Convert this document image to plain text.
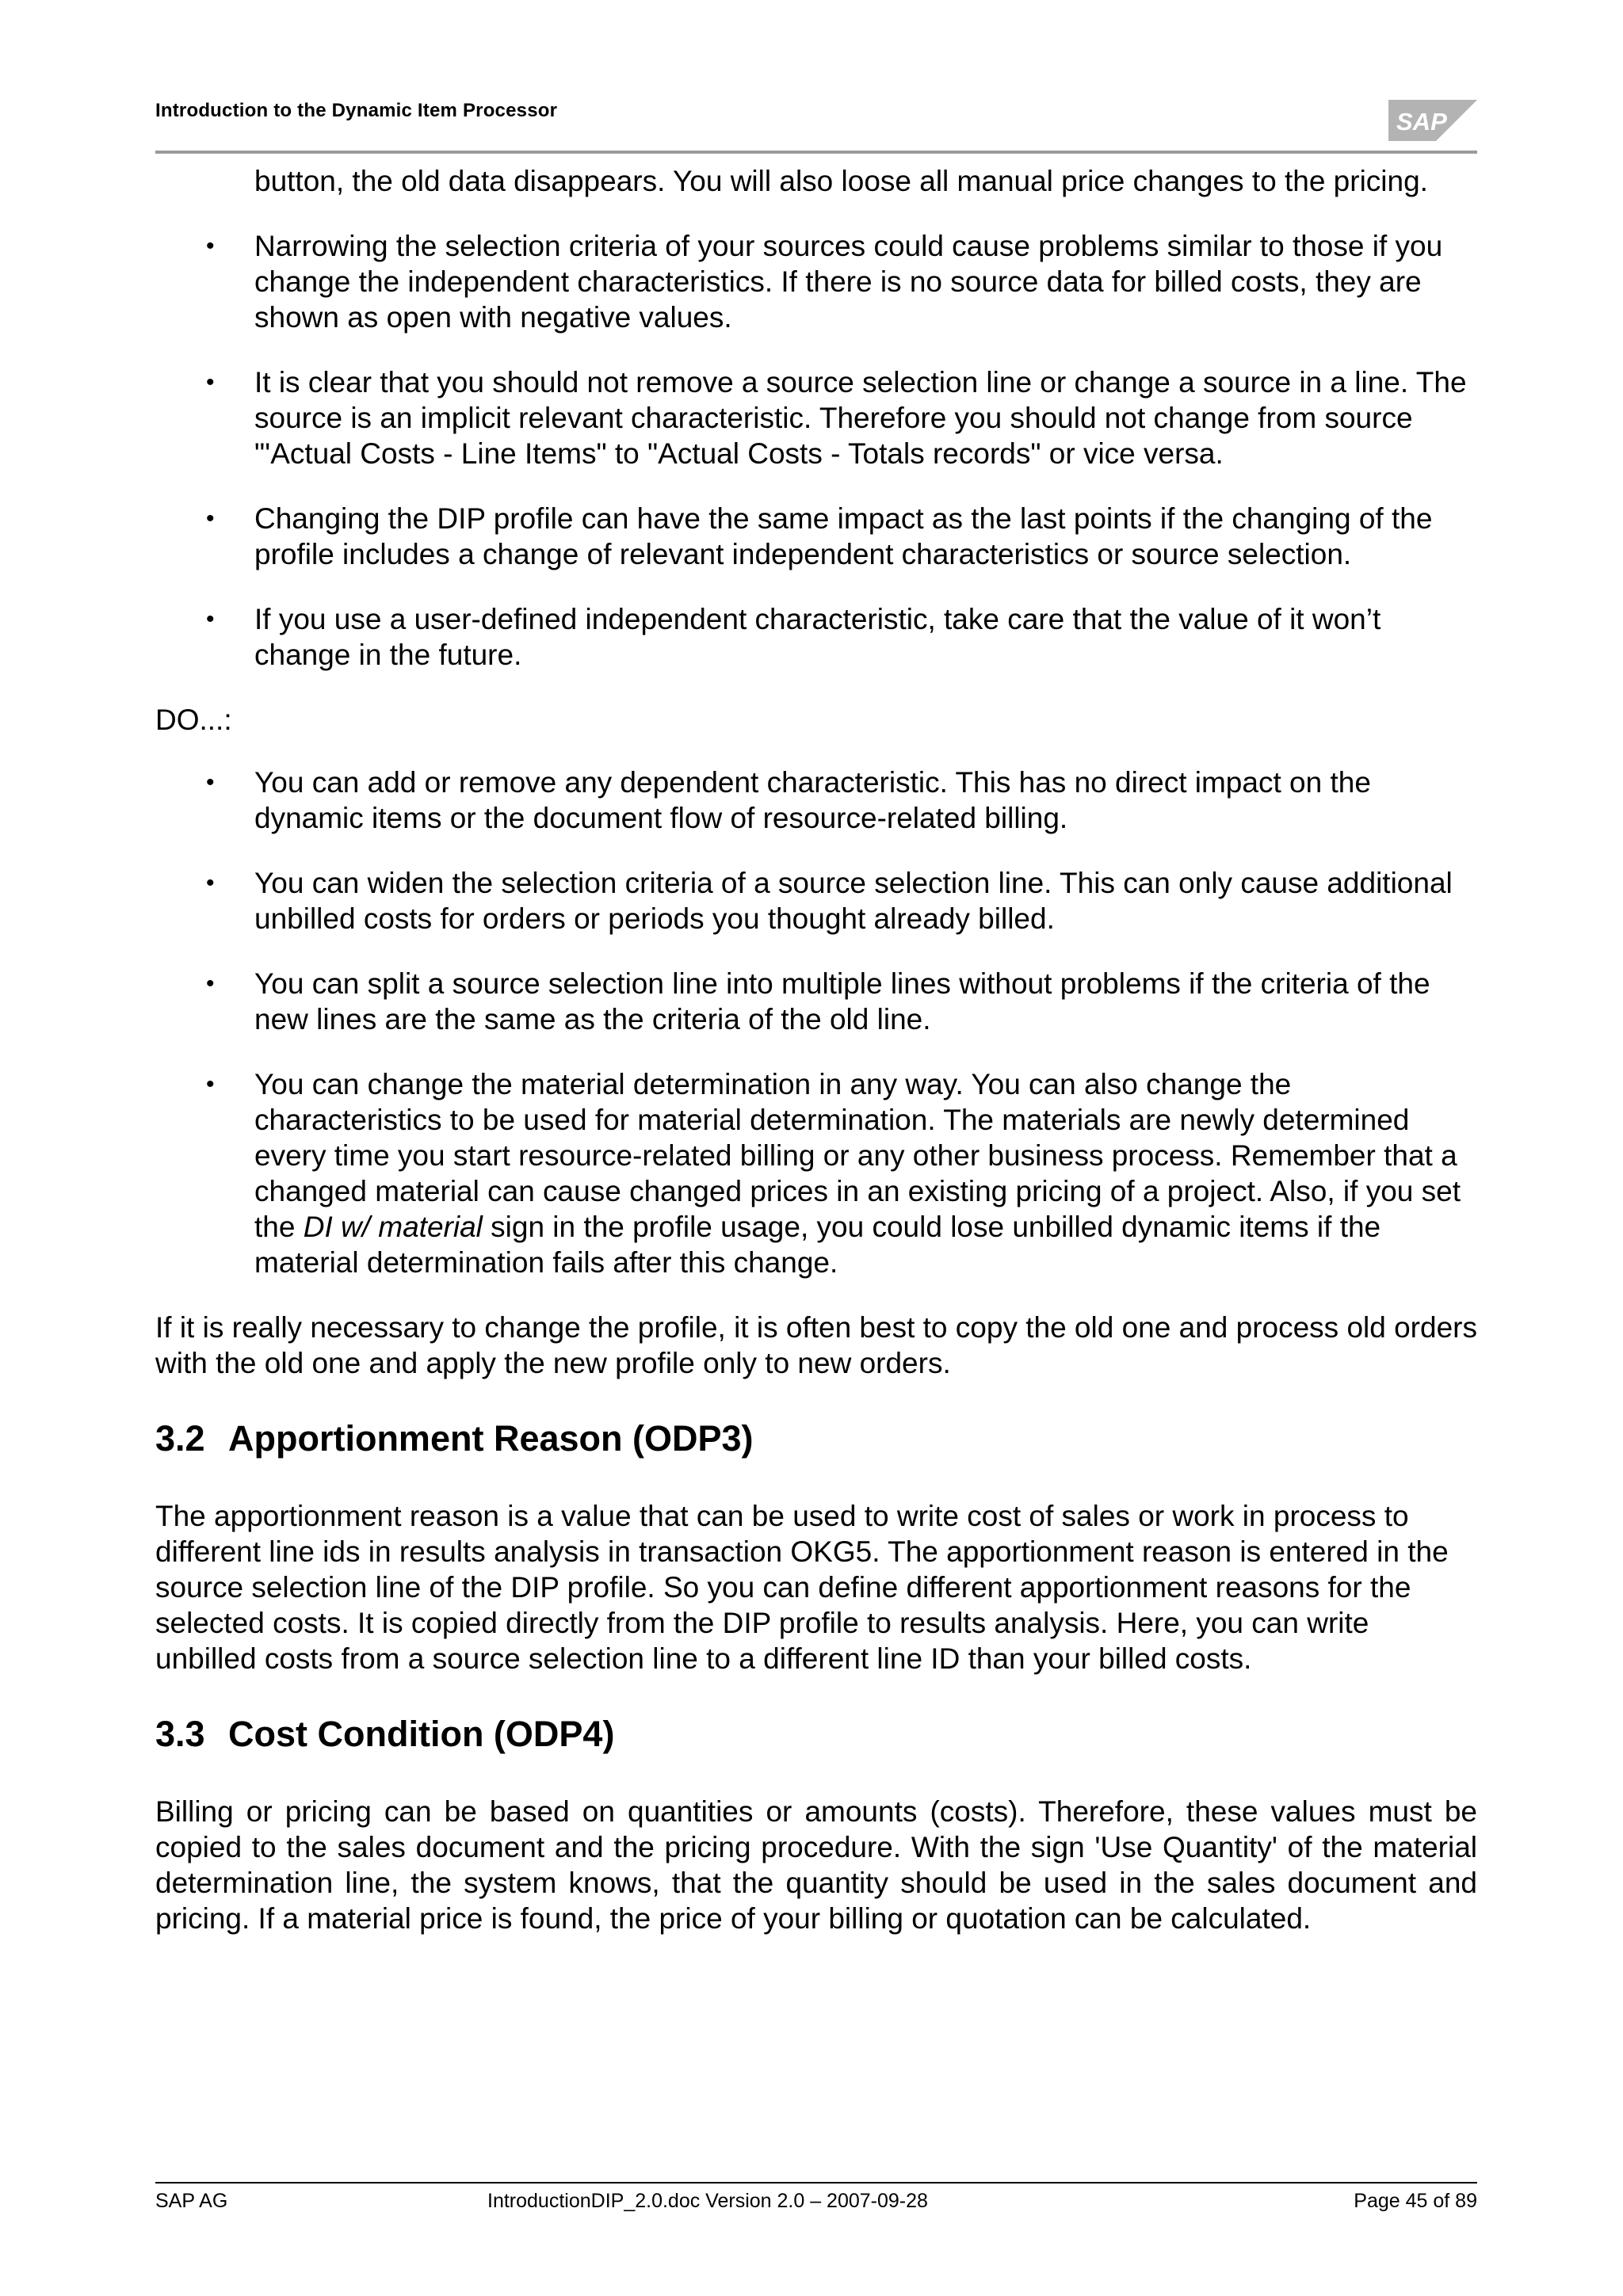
Introduction to the Dynamic Item Processor	SAP

button, the old data disappears. You will also loose all manual price changes to the pricing.

• Narrowing the selection criteria of your sources could cause problems similar to those if you change the independent characteristics. If there is no source data for billed costs, they are shown as open with negative values.
• It is clear that you should not remove a source selection line or change a source in a line. The source is an implicit relevant characteristic. Therefore you should not change from source "'Actual Costs - Line Items" to "Actual Costs - Totals records" or vice versa.
• Changing the DIP profile can have the same impact as the last points if the changing of the profile includes a change of relevant independent characteristics or source selection.
• If you use a user-defined independent characteristic, take care that the value of it won’t change in the future.

DO...:

• You can add or remove any dependent characteristic. This has no direct impact on the dynamic items or the document flow of resource-related billing.
• You can widen the selection criteria of a source selection line. This can only cause additional unbilled costs for orders or periods you thought already billed.
• You can split a source selection line into multiple lines without problems if the criteria of the new lines are the same as the criteria of the old line.
• You can change the material determination in any way. You can also change the characteristics to be used for material determination. The materials are newly determined every time you start resource-related billing or any other business process. Remember that a changed material can cause changed prices in an existing pricing of a project. Also, if you set the DI w/ material sign in the profile usage, you could lose unbilled dynamic items if the material determination fails after this change.

If it is really necessary to change the profile, it is often best to copy the old one and process old orders with the old one and apply the new profile only to new orders.

3.2 Apportionment Reason (ODP3)

The apportionment reason is a value that can be used to write cost of sales or work in process to different line ids in results analysis in transaction OKG5. The apportionment reason is entered in the source selection line of the DIP profile. So you can define different apportionment reasons for the selected costs. It is copied directly from the DIP profile to results analysis. Here, you can write unbilled costs from a source selection line to a different line ID than your billed costs.

3.3 Cost Condition (ODP4)

Billing or pricing can be based on quantities or amounts (costs). Therefore, these values must be copied to the sales document and the pricing procedure. With the sign 'Use Quantity' of the material determination line, the system knows, that the quantity should be used in the sales document and pricing. If a material price is found, the price of your billing or quotation can be calculated.

SAP AG	IntroductionDIP_2.0.doc Version 2.0 – 2007-09-28	Page 45 of 89
